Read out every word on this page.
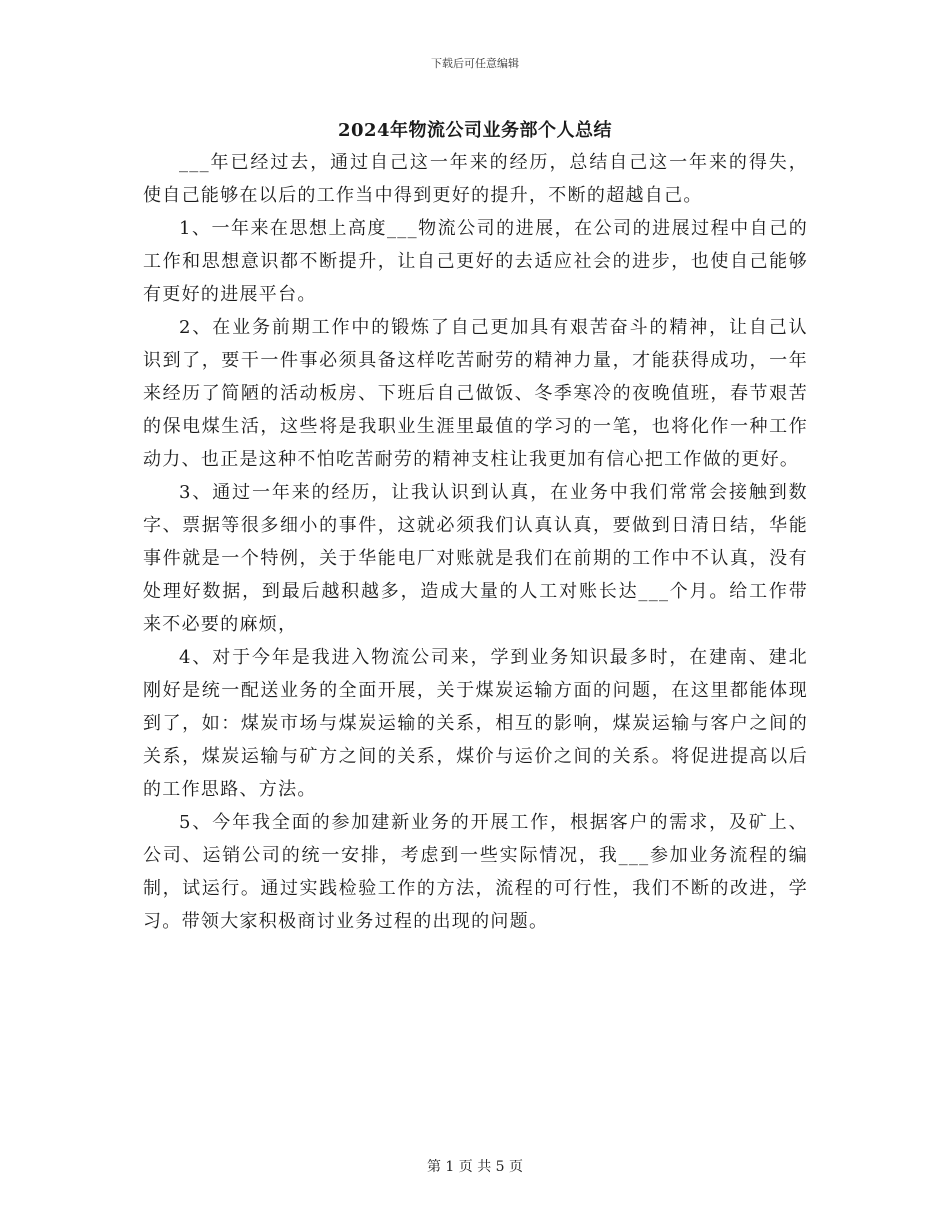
下载后可任意编辑
2024年物流公司业务部个人总结

___年已经过去，通过自己这一年来的经历，总结自己这一年来的得失，使自己能够在以后的工作当中得到更好的提升，不断的超越自己。

1、一年来在思想上高度___物流公司的进展，在公司的进展过程中自己的工作和思想意识都不断提升，让自己更好的去适应社会的进步，也使自己能够有更好的进展平台。

2、在业务前期工作中的锻炼了自己更加具有艰苦奋斗的精神，让自己认识到了，要干一件事必须具备这样吃苦耐劳的精神力量，才能获得成功，一年来经历了简陋的活动板房、下班后自己做饭、冬季寒冷的夜晚值班，春节艰苦的保电煤生活，这些将是我职业生涯里最值的学习的一笔，也将化作一种工作动力、也正是这种不怕吃苦耐劳的精神支柱让我更加有信心把工作做的更好。

3、通过一年来的经历，让我认识到认真，在业务中我们常常会接触到数字、票据等很多细小的事件，这就必须我们认真认真，要做到日清日结，华能事件就是一个特例，关于华能电厂对账就是我们在前期的工作中不认真，没有处理好数据，到最后越积越多，造成大量的人工对账长达___个月。给工作带来不必要的麻烦，

4、对于今年是我进入物流公司来，学到业务知识最多时，在建南、建北刚好是统一配送业务的全面开展，关于煤炭运输方面的问题，在这里都能体现到了，如：煤炭市场与煤炭运输的关系，相互的影响，煤炭运输与客户之间的关系，煤炭运输与矿方之间的关系，煤价与运价之间的关系。将促进提高以后的工作思路、方法。

5、今年我全面的参加建新业务的开展工作，根据客户的需求，及矿上、公司、运销公司的统一安排，考虑到一些实际情况，我___参加业务流程的编制，试运行。通过实践检验工作的方法，流程的可行性，我们不断的改进，学习。带领大家积极商讨业务过程的出现的问题。

第 1 页 共 5 页
